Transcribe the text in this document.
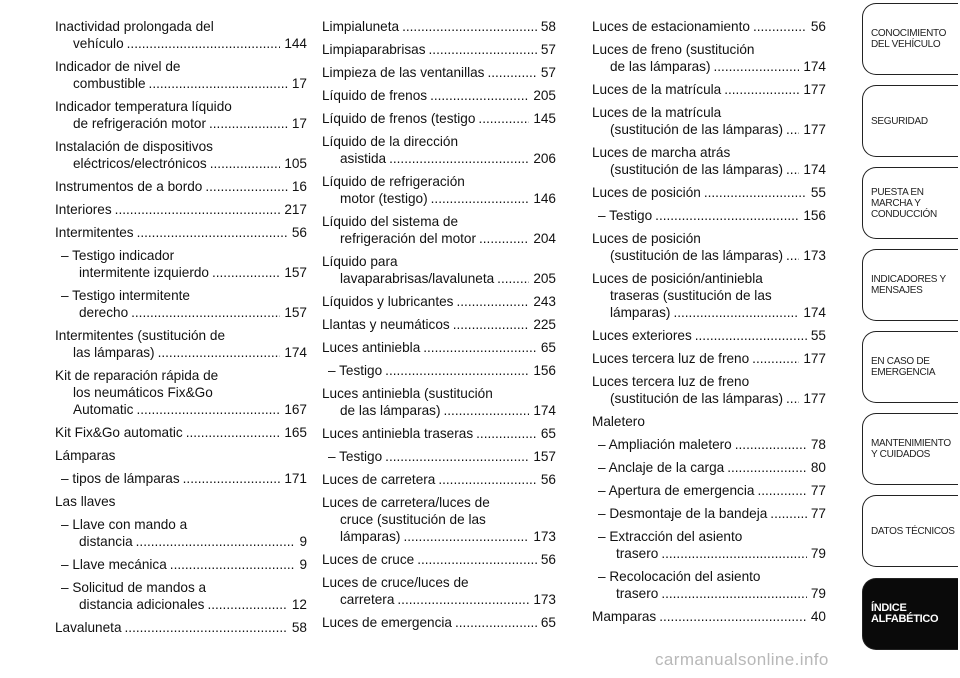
Inactividad prolongada del
vehículo .....	144
Indicador de nivel de
combustible .....	17
Indicador temperatura líquido
de refrigeración motor .....	17
Instalación de dispositivos
eléctricos/electrónicos .....	105
Instrumentos de a bordo .....	16
Interiores .....	217
Intermitentes .....	56
– Testigo indicador
intermitente izquierdo .....	157
– Testigo intermitente
derecho .....	157
Intermitentes (sustitución de
las lámparas) .....	174
Kit de reparación rápida de
los neumáticos Fix&Go
Automatic .....	167
Kit Fix&Go automatic .....	165
Lámparas
– tipos de lámparas .....	171
Las llaves
– Llave con mando a
distancia .....	9
– Llave mecánica .....	9
– Solicitud de mandos a
distancia adicionales .....	12
Lavaluneta .....	58
Limpialuneta .....	58
Limpiaparabrisas .....	57
Limpieza de las ventanillas .....	57
Líquido de frenos .....	205
Líquido de frenos (testigo .....	145
Líquido de la dirección
asistida .....	206
Líquido de refrigeración
motor (testigo) .....	146
Líquido del sistema de
refrigeración del motor .....	204
Líquido para
lavaparabrisas/lavaluneta .....	205
Líquidos y lubricantes .....	243
Llantas y neumáticos .....	225
Luces antiniebla .....	65
– Testigo .....	156
Luces antiniebla (sustitución
de las lámparas) .....	174
Luces antiniebla traseras .....	65
– Testigo .....	157
Luces de carretera .....	56
Luces de carretera/luces de
cruce (sustitución de las
lámparas) .....	173
Luces de cruce .....	56
Luces de cruce/luces de
carretera .....	173
Luces de emergencia .....	65
Luces de estacionamiento .....	56
Luces de freno (sustitución
de las lámparas) .....	174
Luces de la matrícula .....	177
Luces de la matrícula
(sustitución de las lámparas) ..... 177
Luces de marcha atrás
(sustitución de las lámparas) ..... 174
Luces de posición .....	55
– Testigo .....	156
Luces de posición
(sustitución de las lámparas) ..... 173
Luces de posición/antiniebla
traseras (sustitución de las
lámparas) .....	174
Luces exteriores .....	55
Luces tercera luz de freno .....	177
Luces tercera luz de freno
(sustitución de las lámparas) ..... 177
Maletero
– Ampliación maletero .....	78
– Anclaje de la carga .....	80
– Apertura de emergencia .....	77
– Desmontaje de la bandeja .....	77
– Extracción del asiento
trasero .....	79
– Recolocación del asiento
trasero .....	79
Mamparas .....	40
CONOCIMIENTO DEL VEHÍCULO
SEGURIDAD
PUESTA EN MARCHA Y CONDUCCIÓN
INDICADORES Y MENSAJES
EN CASO DE EMERGENCIA
MANTENIMIENTO Y CUIDADOS
DATOS TÉCNICOS
ÍNDICE ALFABÉTICO
carmanualsonline.info
